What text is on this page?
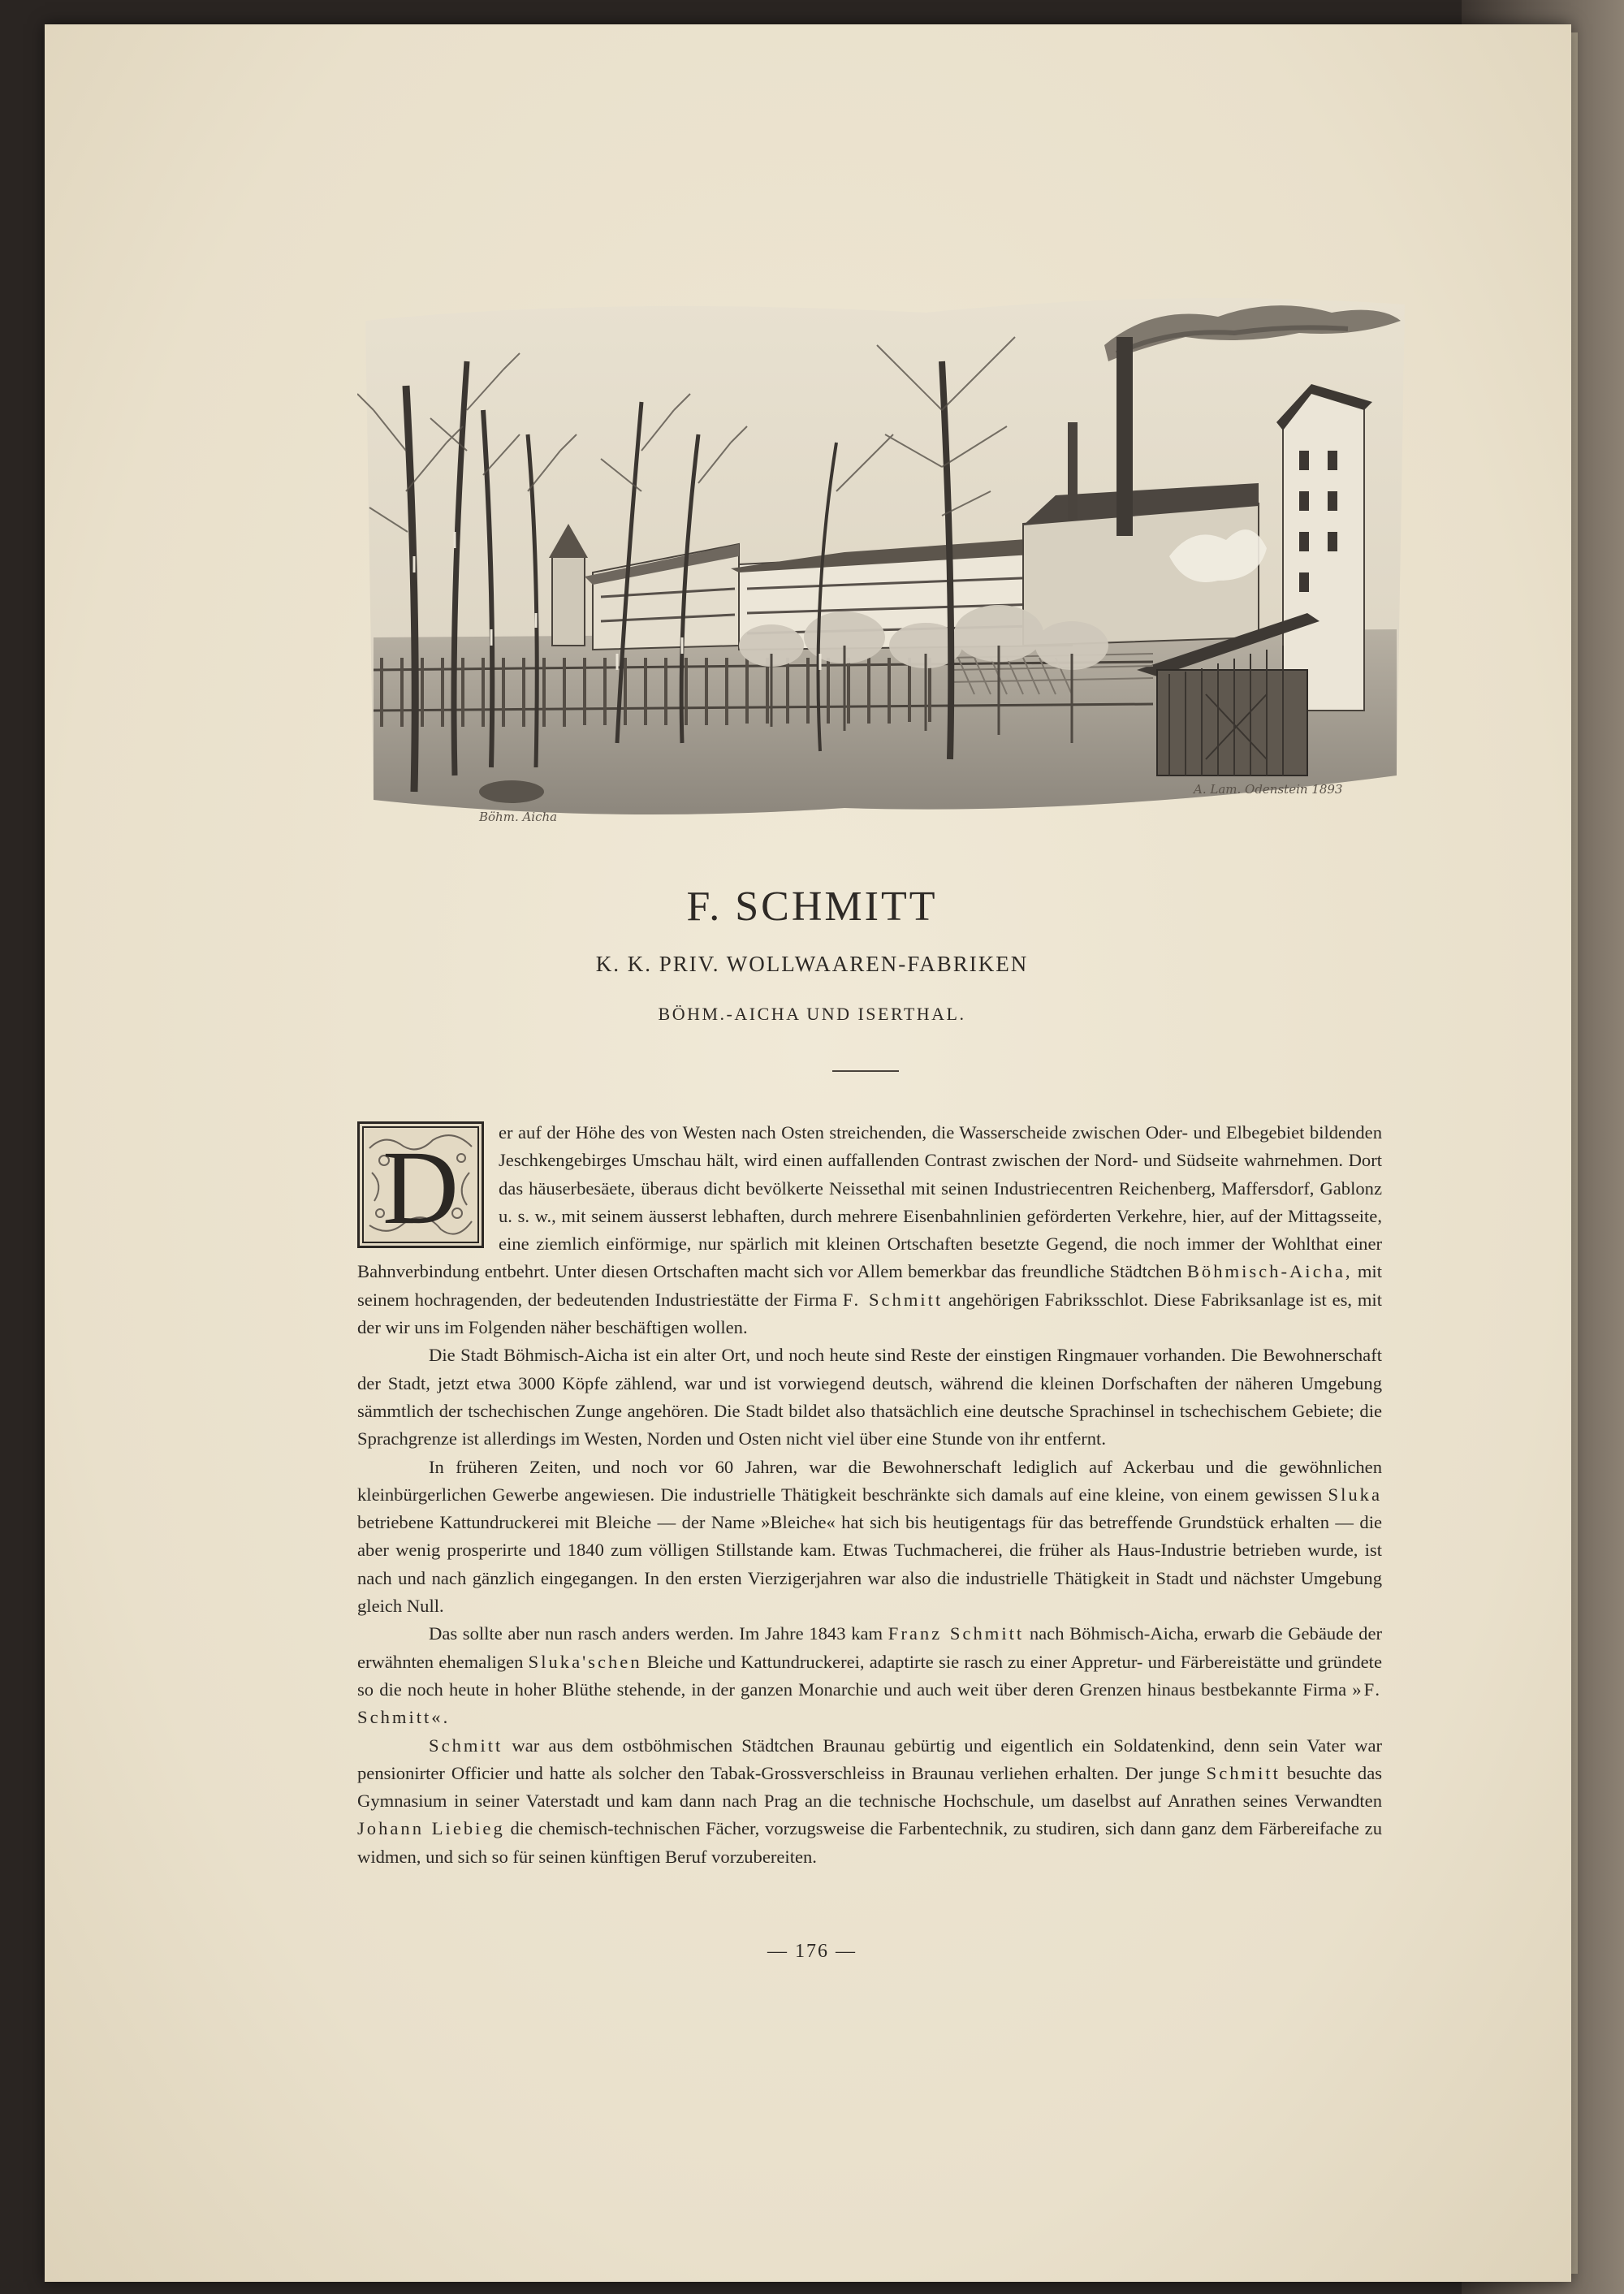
Böhm. Aicha
A. Lam. Odenstein 1893
F. SCHMITT
K. K. PRIV. WOLLWAAREN-FABRIKEN
BÖHM.-AICHA UND ISERTHAL.

D er auf der Höhe des von Westen nach Osten streichenden, die Wasserscheide zwischen Oder- und Elbegebiet bildenden Jeschkengebirges Umschau hält, wird einen auffallenden Contrast zwischen der Nord- und Südseite wahrnehmen. Dort das häuserbesäete, überaus dicht bevölkerte Neissethal mit seinen Industriecentren Reichenberg, Maffersdorf, Gablonz u. s. w., mit seinem äusserst lebhaften, durch mehrere Eisenbahnlinien geförderten Verkehre, hier, auf der Mittagsseite, eine ziemlich einförmige, nur spärlich mit kleinen Ortschaften besetzte Gegend, die noch immer der Wohlthat einer Bahnverbindung entbehrt. Unter diesen Ortschaften macht sich vor Allem bemerkbar das freundliche Städtchen Böhmisch-Aicha, mit seinem hochragenden, der bedeutenden Industriestätte der Firma F. Schmitt angehörigen Fabriksschlot. Diese Fabriksanlage ist es, mit der wir uns im Folgenden näher beschäftigen wollen.

Die Stadt Böhmisch-Aicha ist ein alter Ort, und noch heute sind Reste der einstigen Ringmauer vorhanden. Die Bewohnerschaft der Stadt, jetzt etwa 3000 Köpfe zählend, war und ist vorwiegend deutsch, während die kleinen Dorfschaften der näheren Umgebung sämmtlich der tschechischen Zunge angehören. Die Stadt bildet also thatsächlich eine deutsche Sprachinsel in tschechischem Gebiete; die Sprachgrenze ist allerdings im Westen, Norden und Osten nicht viel über eine Stunde von ihr entfernt.

In früheren Zeiten, und noch vor 60 Jahren, war die Bewohnerschaft lediglich auf Ackerbau und die gewöhnlichen kleinbürgerlichen Gewerbe angewiesen. Die industrielle Thätigkeit beschränkte sich damals auf eine kleine, von einem gewissen Sluka betriebene Kattundruckerei mit Bleiche — der Name »Bleiche« hat sich bis heutigentags für das betreffende Grundstück erhalten — die aber wenig prosperirte und 1840 zum völligen Stillstande kam. Etwas Tuchmacherei, die früher als Haus-Industrie betrieben wurde, ist nach und nach gänzlich eingegangen. In den ersten Vierzigerjahren war also die industrielle Thätigkeit in Stadt und nächster Umgebung gleich Null.

Das sollte aber nun rasch anders werden. Im Jahre 1843 kam Franz Schmitt nach Böhmisch-Aicha, erwarb die Gebäude der erwähnten ehemaligen Sluka'schen Bleiche und Kattundruckerei, adaptirte sie rasch zu einer Appretur- und Färbereistätte und gründete so die noch heute in hoher Blüthe stehende, in der ganzen Monarchie und auch weit über deren Grenzen hinaus bestbekannte Firma »F. Schmitt«.

Schmitt war aus dem ostböhmischen Städtchen Braunau gebürtig und eigentlich ein Soldatenkind, denn sein Vater war pensionirter Officier und hatte als solcher den Tabak-Grossverschleiss in Braunau verliehen erhalten. Der junge Schmitt besuchte das Gymnasium in seiner Vaterstadt und kam dann nach Prag an die technische Hochschule, um daselbst auf Anrathen seines Verwandten Johann Liebieg die chemisch-technischen Fächer, vorzugsweise die Farbentechnik, zu studiren, sich dann ganz dem Färbereifache zu widmen, und sich so für seinen künftigen Beruf vorzubereiten.

— 176 —
